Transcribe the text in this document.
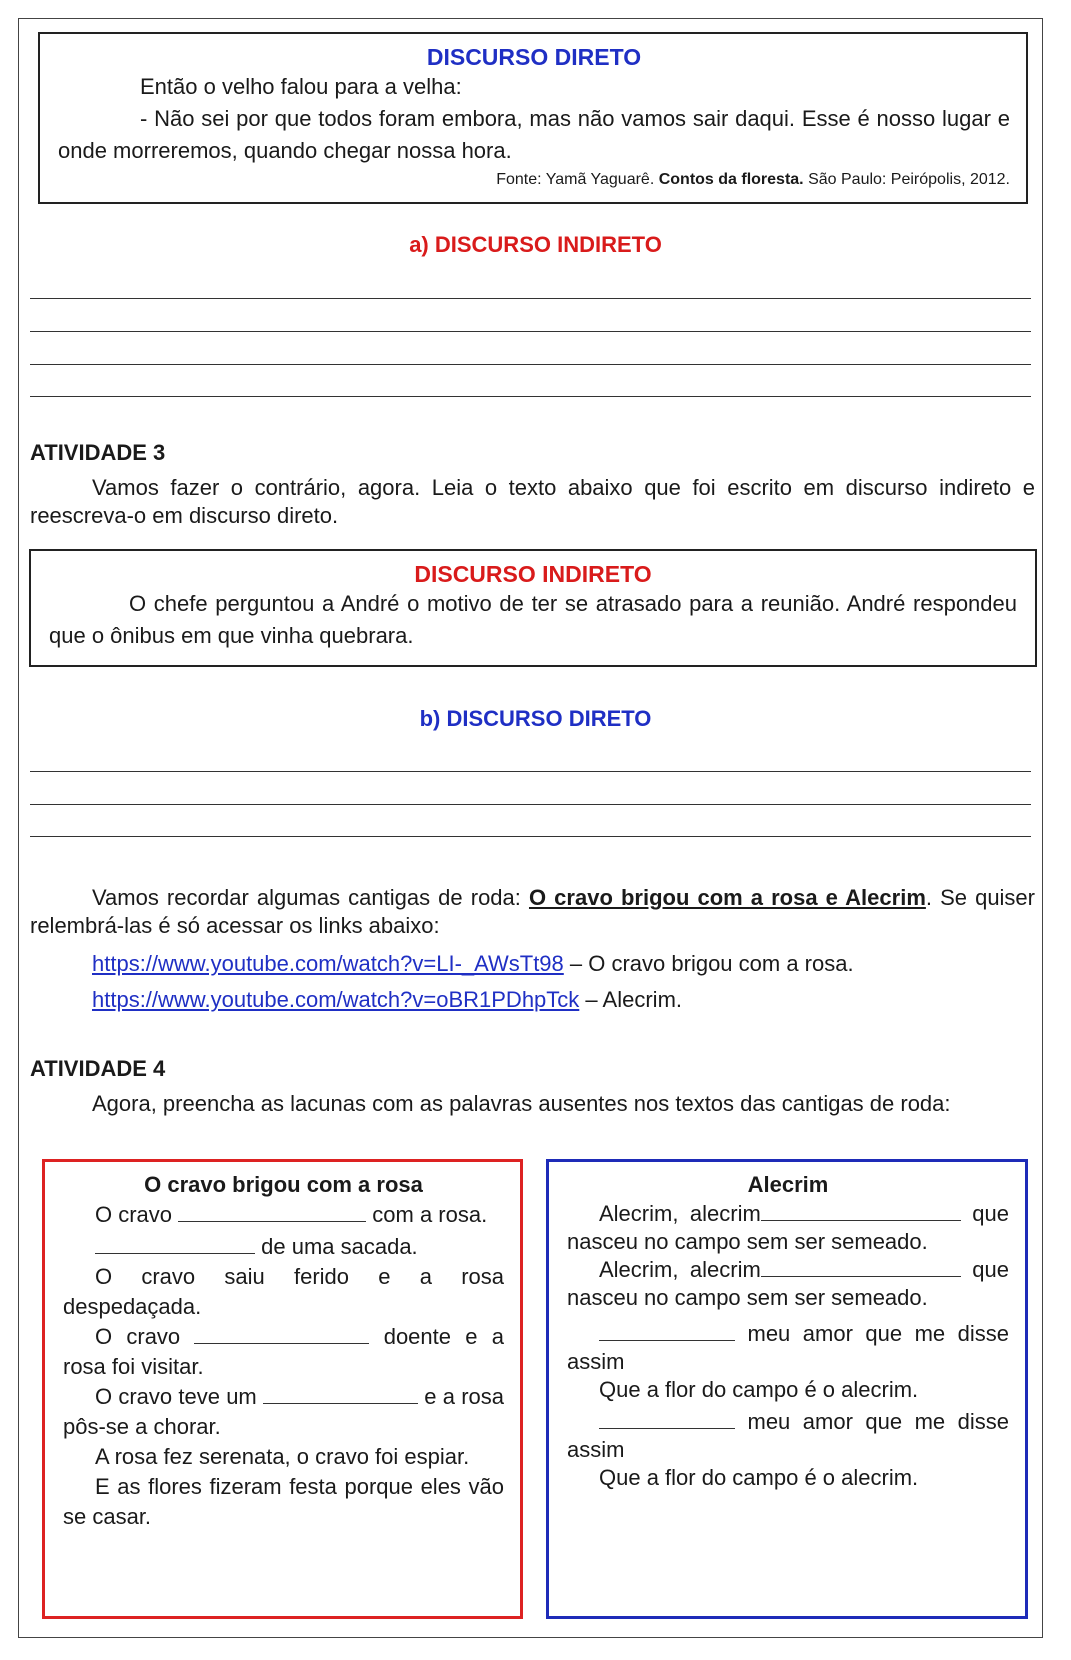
DISCURSO DIRETO
Então o velho falou para a velha:
- Não sei por que todos foram embora, mas não vamos sair daqui. Esse é nosso lugar e onde morreremos, quando chegar nossa hora.
Fonte: Yamã Yaguarê. Contos da floresta. São Paulo: Peirópolis, 2012.
a) DISCURSO INDIRETO
ATIVIDADE 3
Vamos fazer o contrário, agora. Leia o texto abaixo que foi escrito em discurso indireto e reescreva-o em discurso direto.
DISCURSO INDIRETO
O chefe perguntou a André o motivo de ter se atrasado para a reunião. André respondeu que o ônibus em que vinha quebrara.
b) DISCURSO DIRETO
Vamos recordar algumas cantigas de roda: O cravo brigou com a rosa e Alecrim. Se quiser relembrá-las é só acessar os links abaixo:
https://www.youtube.com/watch?v=LI-_AWsTt98 – O cravo brigou com a rosa.
https://www.youtube.com/watch?v=oBR1PDhpTck – Alecrim.
ATIVIDADE 4
Agora, preencha as lacunas com as palavras ausentes nos textos das cantigas de roda:
O cravo brigou com a rosa

O cravo	com a rosa.

de uma sacada.

O cravo saiu ferido e a rosa despedaçada.

O cravo	doente e a rosa foi visitar.

O cravo teve um	e a rosa pôs-se a chorar.

A rosa fez serenata, o cravo foi espiar.

E as flores fizeram festa porque eles vão se casar.

Alecrim

Alecrim, alecrim	que nasceu no campo sem ser semeado.

Alecrim, alecrim	que nasceu no campo sem ser semeado.

meu amor que me disse assim

Que a flor do campo é o alecrim.

meu amor que me disse assim

Que a flor do campo é o alecrim.
